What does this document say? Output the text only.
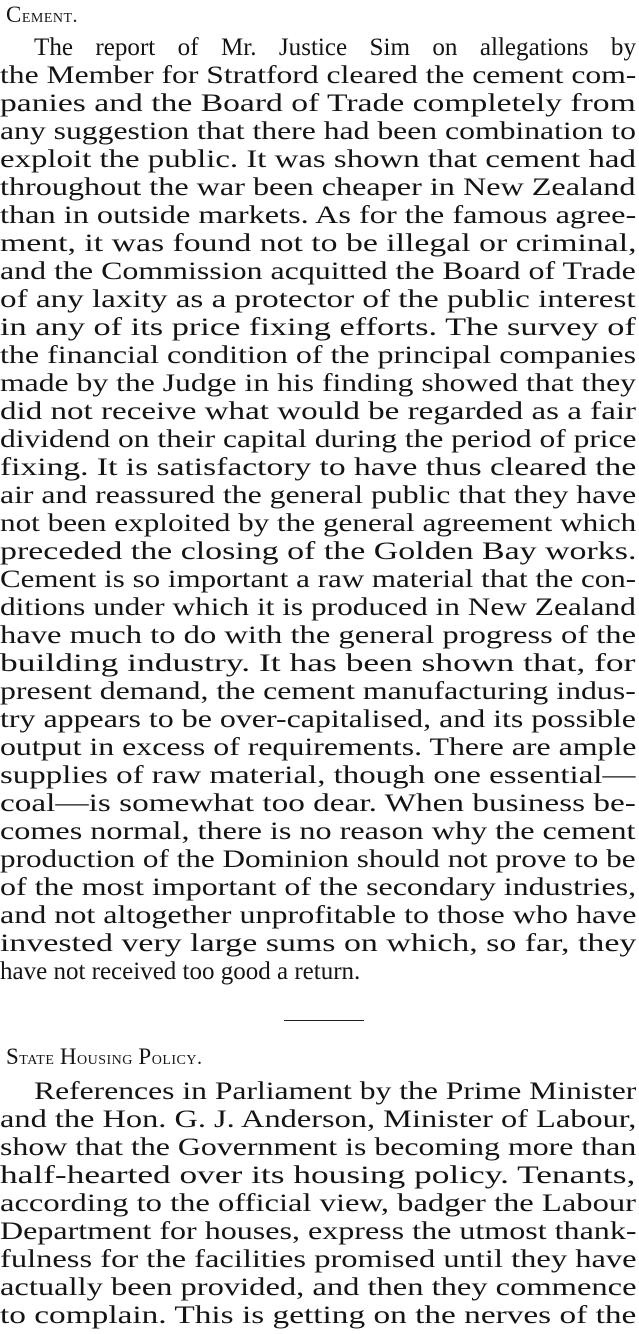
Cement.
The report of Mr. Justice Sim on allegations by
the Member for Stratford cleared the cement com-
panies and the Board of Trade completely from
any suggestion that there had been combination to
exploit the public. It was shown that cement had
throughout the war been cheaper in New Zealand
than in outside markets. As for the famous agree-
ment, it was found not to be illegal or criminal,
and the Commission acquitted the Board of Trade
of any laxity as a protector of the public interest
in any of its price fixing efforts. The survey of
the financial condition of the principal companies
made by the Judge in his finding showed that they
did not receive what would be regarded as a fair
dividend on their capital during the period of price
fixing. It is satisfactory to have thus cleared the
air and reassured the general public that they have
not been exploited by the general agreement which
preceded the closing of the Golden Bay works.
Cement is so important a raw material that the con-
ditions under which it is produced in New Zealand
have much to do with the general progress of the
building industry. It has been shown that, for
present demand, the cement manufacturing indus-
try appears to be over-capitalised, and its possible
output in excess of requirements. There are ample
supplies of raw material, though one essential—
coal—is somewhat too dear. When business be-
comes normal, there is no reason why the cement
production of the Dominion should not prove to be
of the most important of the secondary industries,
and not altogether unprofitable to those who have
invested very large sums on which, so far, they
have not received too good a return.
State Housing Policy.
References in Parliament by the Prime Minister
and the Hon. G. J. Anderson, Minister of Labour,
show that the Government is becoming more than
half-hearted over its housing policy. Tenants,
according to the official view, badger the Labour
Department for houses, express the utmost thank-
fulness for the facilities promised until they have
actually been provided, and then they commence
to complain. This is getting on the nerves of the
